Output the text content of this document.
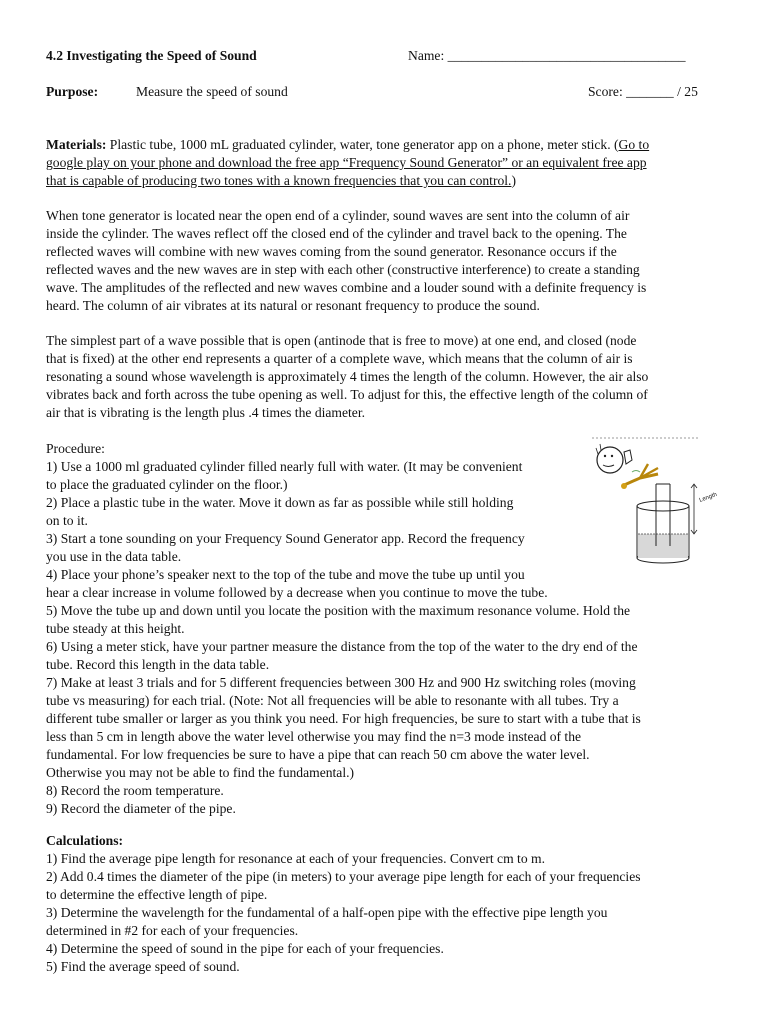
4.2 Investigating the Speed of Sound	Name: ___________________________________
Purpose:	Measure the speed of sound	Score: _______ / 25
Materials: Plastic tube, 1000 mL graduated cylinder, water, tone generator app on a phone, meter stick. (Go to
google play on your phone and download the free app “Frequency Sound Generator” or an equivalent free app
that is capable of producing two tones with a known frequencies that you can control.)
When tone generator is located near the open end of a cylinder, sound waves are sent into the column of air
inside the cylinder. The waves reflect off the closed end of the cylinder and travel back to the opening. The
reflected waves will combine with new waves coming from the sound generator. Resonance occurs if the
reflected waves and the new waves are in step with each other (constructive interference) to create a standing
wave. The amplitudes of the reflected and new waves combine and a louder sound with a definite frequency is
heard. The column of air vibrates at its natural or resonant frequency to produce the sound.
The simplest part of a wave possible that is open (antinode that is free to move) at one end, and closed (node
that is fixed) at the other end represents a quarter of a complete wave, which means that the column of air is
resonating a sound whose wavelength is approximately 4 times the length of the column. However, the air also
vibrates back and forth across the tube opening as well. To adjust for this, the effective length of the column of
air that is vibrating is the length plus .4 times the diameter.
Procedure:
1) Use a 1000 ml graduated cylinder filled nearly full with water. (It may be convenient
to place the graduated cylinder on the floor.)
2) Place a plastic tube in the water. Move it down as far as possible while still holding
on to it.
3) Start a tone sounding on your Frequency Sound Generator app. Record the frequency
you use in the data table.
4) Place your phone’s speaker next to the top of the tube and move the tube up until you
hear a clear increase in volume followed by a decrease when you continue to move the tube.
5) Move the tube up and down until you locate the position with the maximum resonance volume. Hold the
tube steady at this height.
6) Using a meter stick, have your partner measure the distance from the top of the water to the dry end of the
tube. Record this length in the data table.
7) Make at least 3 trials and for 5 different frequencies between 300 Hz and 900 Hz switching roles (moving
tube vs measuring) for each trial. (Note: Not all frequencies will be able to resonante with all tubes. Try a
different tube smaller or larger as you think you need. For high frequencies, be sure to start with a tube that is
less than 5 cm in length above the water level otherwise you may find the n=3 mode instead of the
fundamental. For low frequencies be sure to have a pipe that can reach 50 cm above the water level.
Otherwise you may not be able to find the fundamental.)
8) Record the room temperature.
9) Record the diameter of the pipe.
Length
Calculations:
1) Find the average pipe length for resonance at each of your frequencies. Convert cm to m.
2) Add 0.4 times the diameter of the pipe (in meters) to your average pipe length for each of your frequencies
to determine the effective length of pipe.
3) Determine the wavelength for the fundamental of a half-open pipe with the effective pipe length you
determined in #2 for each of your frequencies.
4) Determine the speed of sound in the pipe for each of your frequencies.
5) Find the average speed of sound.
